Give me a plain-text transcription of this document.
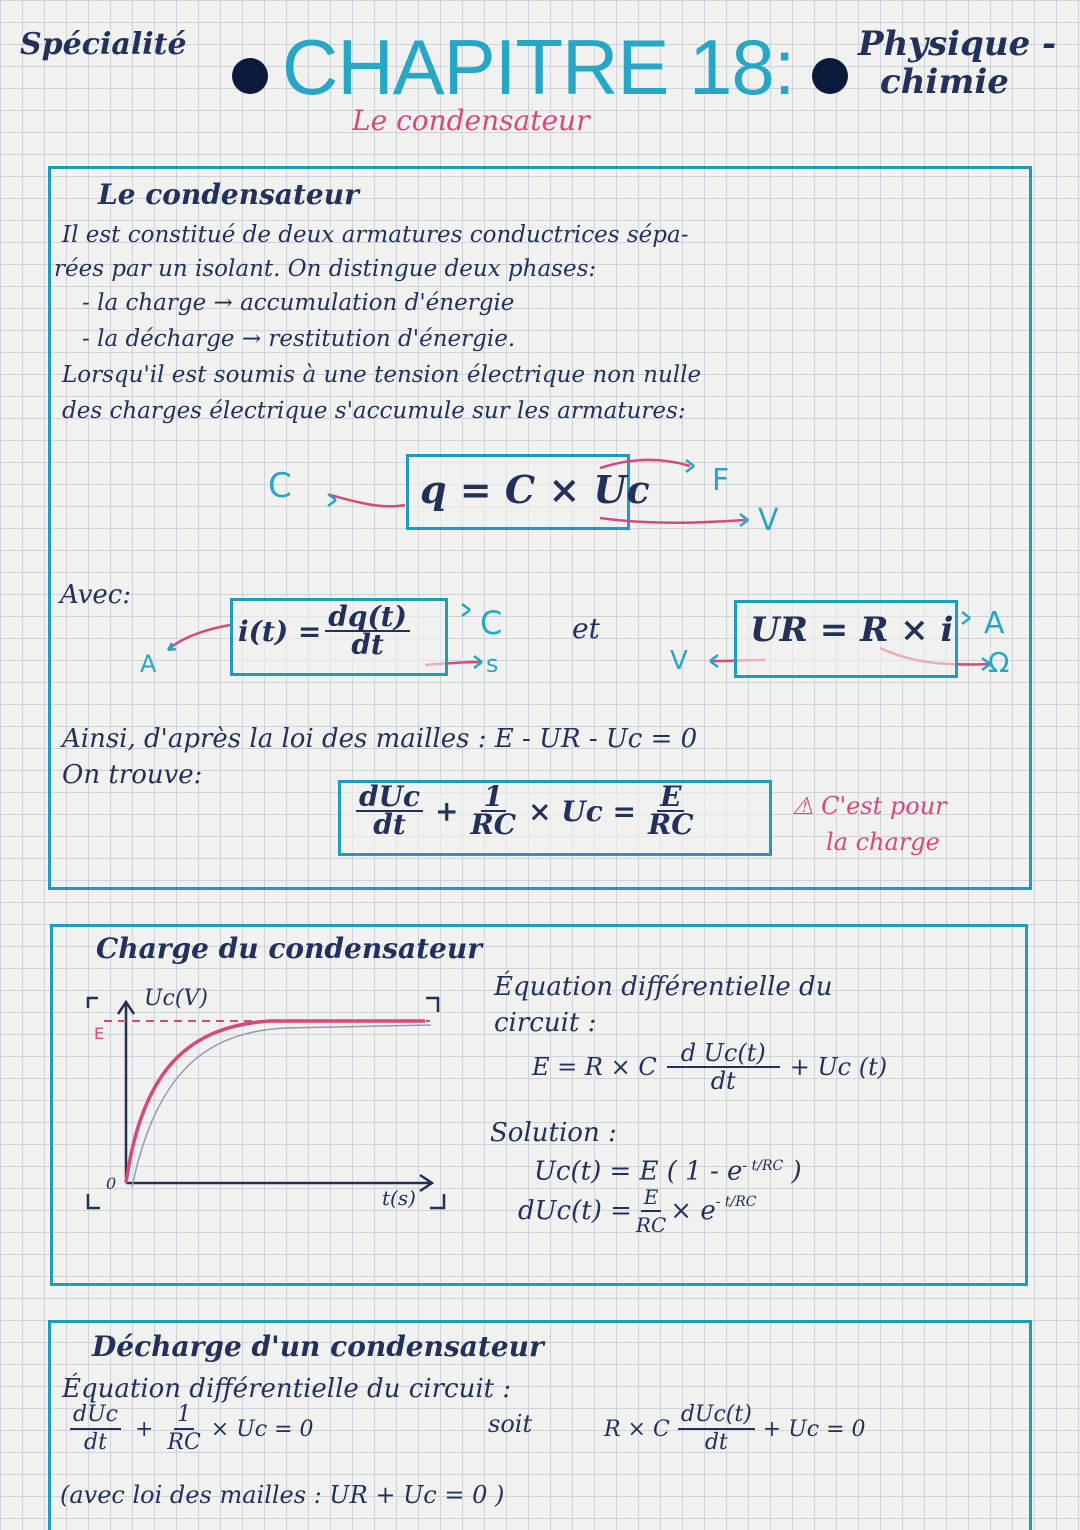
Spécialité CHAPITRE 18: Physique -
chimie
Le condensateur
Le condensateur
Il est constitué de deux armatures conductrices sépa-
rées par un isolant. On distingue deux phases:
- la charge → accumulation d'énergie
- la décharge → restitution d'énergie.
Lorsqu'il est soumis à une tension électrique non nulle
des charges électrique s'accumule sur les armatures:
q = C × Uc
C	F
V
Avec:
$i(t) = \frac{dq(t)}{dt}$
A
C
s
et	UR = R × i
V
A
Ω
Ainsi, d'après la loi des mailles : E - UR - Uc = 0
On trouve:
$\frac{\text{dUc}}{dt} + \frac{1}{RC} \times Uc = \frac{E}{RC}$	⚠ C'est pour
la charge
Charge du condensateur
Uc(V)
E
0
t(s)
Équation différentielle du
circuit :
E = R × C $\frac{\text{d Uc(t)}}{dt} + Uc$ (t)
Solution :
Uc(t) = E ( $1 - e^{- t/RC}$ )
$dUc(t) = \frac{E}{RC} \times e^{- t/RC}$
Décharge d'un condensateur
Équation différentielle du circuit :
$\frac{\text{dUc}}{dt} + \frac{1}{RC} \times Uc = 0$	soit	R × C $\frac{\text{dUc(t)}}{dt} + Uc = 0$
(avec loi des mailles : UR + Uc = 0 )
